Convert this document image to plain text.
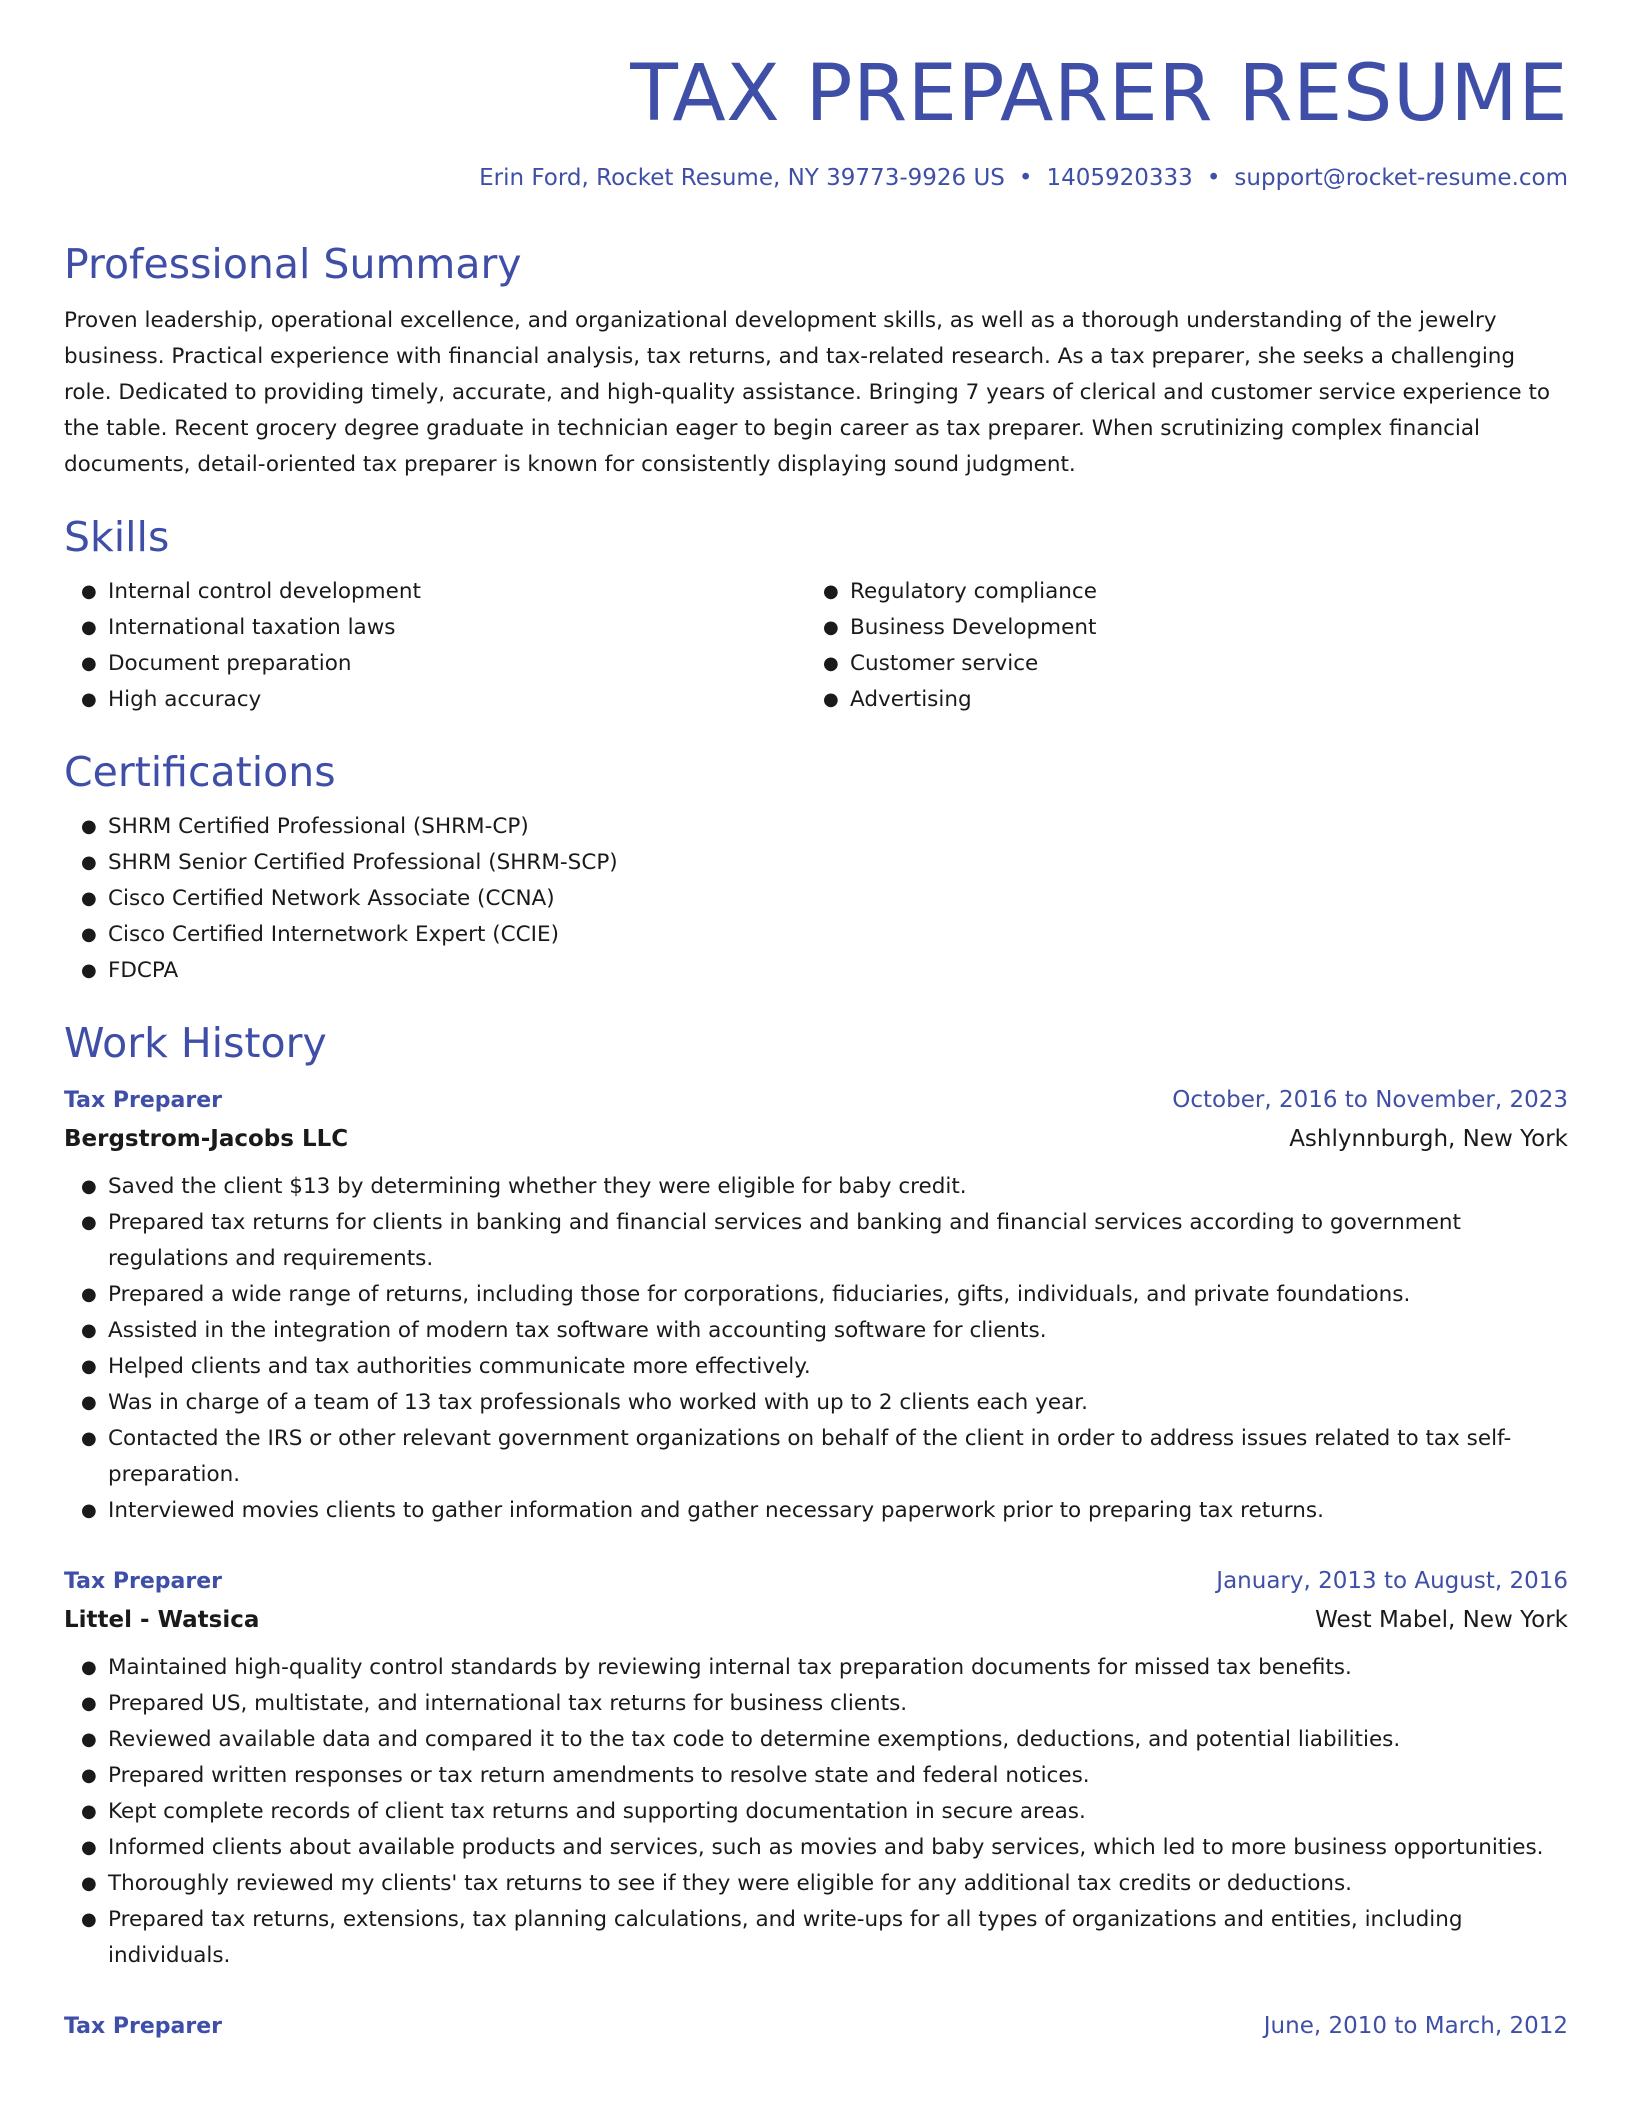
TAX PREPARER RESUME
Erin Ford, Rocket Resume, NY 39773-9926 US • 1405920333 • support@rocket-resume.com
Professional Summary
Proven leadership, operational excellence, and organizational development skills, as well as a thorough understanding of the jewelry business. Practical experience with financial analysis, tax returns, and tax-related research. As a tax preparer, she seeks a challenging role. Dedicated to providing timely, accurate, and high-quality assistance. Bringing 7 years of clerical and customer service experience to the table. Recent grocery degree graduate in technician eager to begin career as tax preparer. When scrutinizing complex financial documents, detail-oriented tax preparer is known for consistently displaying sound judgment.
Skills
● Internal control development
● International taxation laws
● Document preparation
● High accuracy
● Regulatory compliance
● Business Development
● Customer service
● Advertising
Certifications
● SHRM Certified Professional (SHRM-CP)
● SHRM Senior Certified Professional (SHRM-SCP)
● Cisco Certified Network Associate (CCNA)
● Cisco Certified Internetwork Expert (CCIE)
● FDCPA
Work History
Tax Preparer	October, 2016 to November, 2023
Bergstrom-Jacobs LLC	Ashlynnburgh, New York
● Saved the client $13 by determining whether they were eligible for baby credit.
● Prepared tax returns for clients in banking and financial services and banking and financial services according to government regulations and requirements.
● Prepared a wide range of returns, including those for corporations, fiduciaries, gifts, individuals, and private foundations.
● Assisted in the integration of modern tax software with accounting software for clients.
● Helped clients and tax authorities communicate more effectively.
● Was in charge of a team of 13 tax professionals who worked with up to 2 clients each year.
● Contacted the IRS or other relevant government organizations on behalf of the client in order to address issues related to tax self-preparation.
● Interviewed movies clients to gather information and gather necessary paperwork prior to preparing tax returns.
Tax Preparer	January, 2013 to August, 2016
Littel - Watsica	West Mabel, New York
● Maintained high-quality control standards by reviewing internal tax preparation documents for missed tax benefits.
● Prepared US, multistate, and international tax returns for business clients.
● Reviewed available data and compared it to the tax code to determine exemptions, deductions, and potential liabilities.
● Prepared written responses or tax return amendments to resolve state and federal notices.
● Kept complete records of client tax returns and supporting documentation in secure areas.
● Informed clients about available products and services, such as movies and baby services, which led to more business opportunities.
● Thoroughly reviewed my clients' tax returns to see if they were eligible for any additional tax credits or deductions.
● Prepared tax returns, extensions, tax planning calculations, and write-ups for all types of organizations and entities, including individuals.
Tax Preparer	June, 2010 to March, 2012
